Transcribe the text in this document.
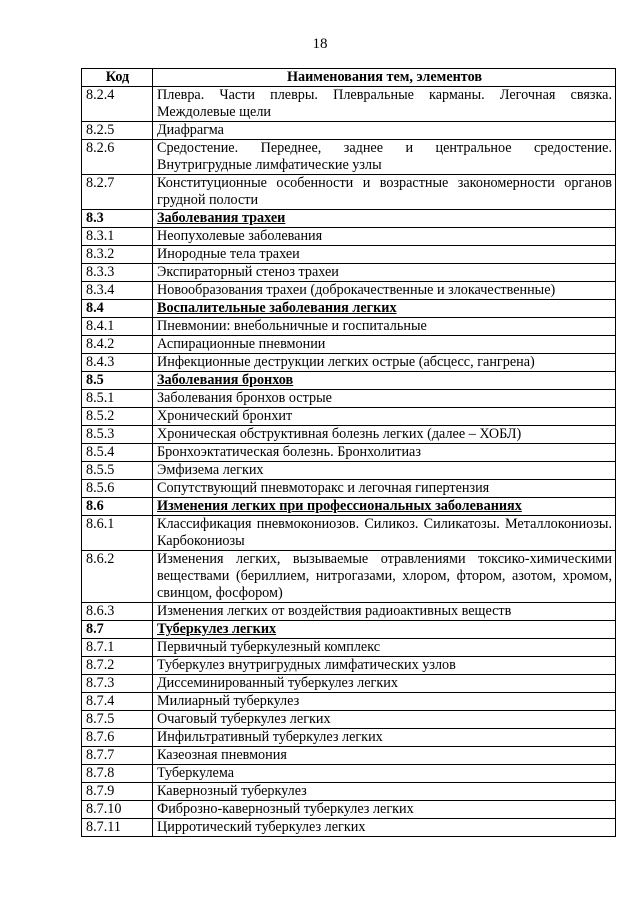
18
Код	Наименования тем, элементов
8.2.4	Плевра. Части плевры. Плевральные карманы. Легочная связка. Междолевые щели
8.2.5	Диафрагма
8.2.6	Средостение. Переднее, заднее и центральное средостение. Внутригрудные лимфатические узлы
8.2.7	Конституционные особенности и возрастные закономерности органов грудной полости
8.3	Заболевания трахеи
8.3.1	Неопухолевые заболевания
8.3.2	Инородные тела трахеи
8.3.3	Экспираторный стеноз трахеи
8.3.4	Новообразования трахеи (доброкачественные и злокачественные)
8.4	Воспалительные заболевания легких
8.4.1	Пневмонии: внебольничные и госпитальные
8.4.2	Аспирационные пневмонии
8.4.3	Инфекционные деструкции легких острые (абсцесс, гангрена)
8.5	Заболевания бронхов
8.5.1	Заболевания бронхов острые
8.5.2	Хронический бронхит
8.5.3	Хроническая обструктивная болезнь легких (далее – ХОБЛ)
8.5.4	Бронхоэктатическая болезнь. Бронхолитиаз
8.5.5	Эмфизема легких
8.5.6	Сопутствующий пневмоторакс и легочная гипертензия
8.6	Изменения легких при профессиональных заболеваниях
8.6.1	Классификация пневмокониозов. Силикоз. Силикатозы. Металлокониозы. Карбокониозы
8.6.2	Изменения легких, вызываемые отравлениями токсико-химическими веществами (бериллием, нитрогазами, хлором, фтором, азотом, хромом, свинцом, фосфором)
8.6.3	Изменения легких от воздействия радиоактивных веществ
8.7	Туберкулез легких
8.7.1	Первичный туберкулезный комплекс
8.7.2	Туберкулез внутригрудных лимфатических узлов
8.7.3	Диссеминированный туберкулез легких
8.7.4	Милиарный туберкулез
8.7.5	Очаговый туберкулез легких
8.7.6	Инфильтративный туберкулез легких
8.7.7	Казеозная пневмония
8.7.8	Туберкулема
8.7.9	Кавернозный туберкулез
8.7.10	Фиброзно-кавернозный туберкулез легких
8.7.11	Цирротический туберкулез легких
